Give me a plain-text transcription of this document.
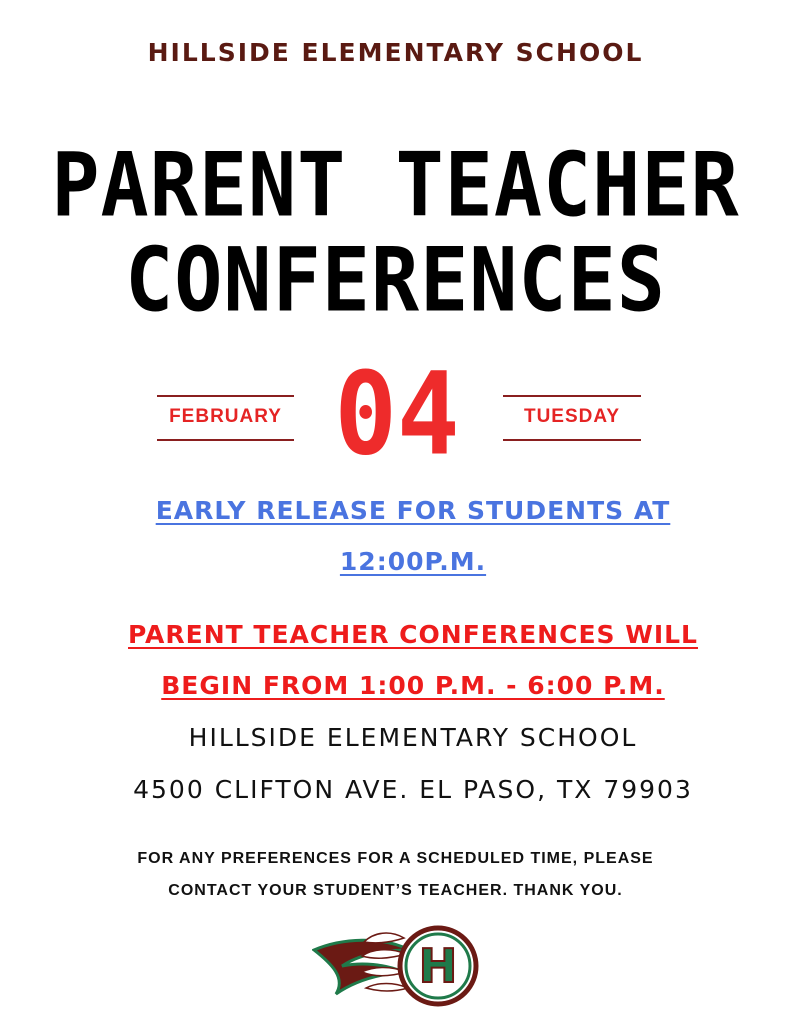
HILLSIDE ELEMENTARY SCHOOL
PARENT TEACHER
CONFERENCES
FEBRUARY 04	TUESDAY
EARLY RELEASE FOR STUDENTS AT
12:00P.M.
PARENT TEACHER CONFERENCES WILL
BEGIN FROM 1:00 P.M. - 6:00 P.M.
HILLSIDE ELEMENTARY SCHOOL
4500 CLIFTON AVE. EL PASO, TX 79903
FOR ANY PREFERENCES FOR A SCHEDULED TIME, PLEASE
CONTACT YOUR STUDENT’S TEACHER. THANK YOU.
H
